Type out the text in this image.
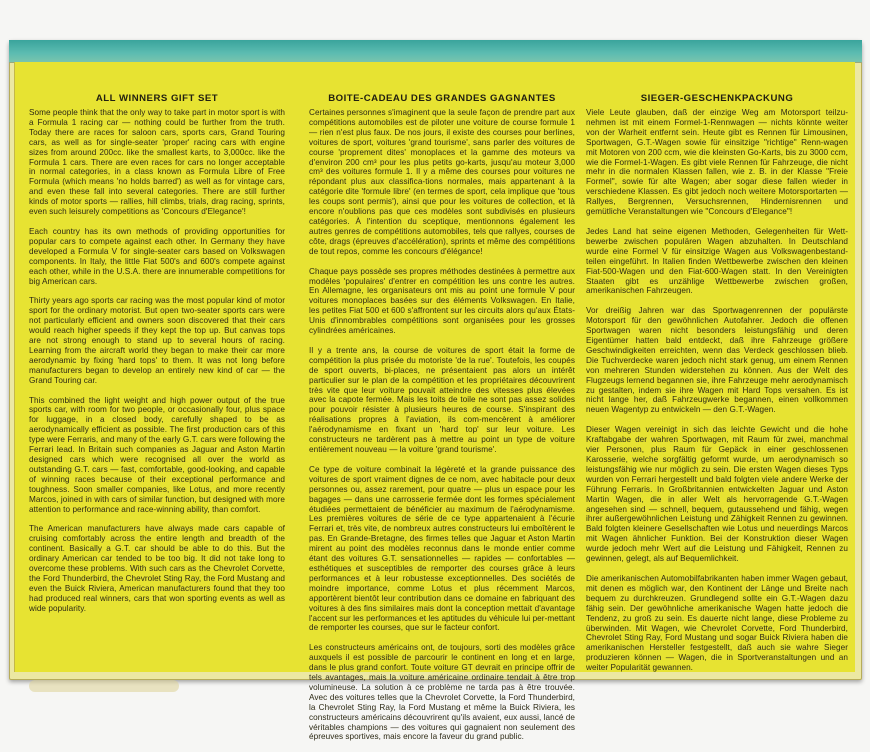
ALL WINNERS GIFT SET	BOITE-CADEAU DES GRANDES GAGNANTES	SIEGER-GESCHENKPACKUNG

Some people think that the only way to take part in motor sport is with a Formula 1 racing car — nothing could be further from the truth. Today there are races for saloon cars, sports cars, Grand Touring cars, as well as for single-seater 'proper' racing cars with engine sizes from around 200cc. like the smallest karts, to 3,000cc. like the Formula 1 cars. There are even races for cars no longer acceptable in normal categories, in a class known as Formula Libre of Free Formula (which means 'no holds barred') as well as for vintage cars, and even these fall into several categories. There are still further kinds of motor sports — rallies, hill climbs, trials, drag racing, sprints, even such leisurely competitions as 'Concours d'Elegance'!

Each country has its own methods of providing opportunities for popular cars to compete against each other. In Germany they have developed a Formula V for single-seater cars based on Volkswagen components. In Italy, the little Fiat 500's and 600's compete against each other, while in the U.S.A. there are innumerable competitions for big American cars.

Thirty years ago sports car racing was the most popular kind of motor sport for the ordinary motorist. But open two-seater sports cars were not particularly efficient and owners soon discovered that their cars would reach higher speeds if they kept the top up. But canvas tops are not strong enough to stand up to several hours of racing. Learning from the aircraft world they began to make their car more aerodynamic by fixing 'hard tops' to them. It was not long before manufacturers began to develop an entirely new kind of car — the Grand Touring car.

This combined the light weight and high power output of the true sports car, with room for two people, or occasionally four, plus space for luggage, in a closed body, carefully shaped to be as aerodynamically efficient as possible. The first production cars of this type were Ferraris, and many of the early G.T. cars were following the Ferrari lead. In Britain such companies as Jaguar and Aston Martin designed cars which were recognised all over the world as outstanding G.T. cars — fast, comfortable, good-looking, and capable of winning races because of their exceptional performance and toughness. Soon smaller companies, like Lotus, and more recently Marcos, joined in with cars of similar function, but designed with more attention to performance and race-winning ability, than comfort.

The American manufacturers have always made cars capable of cruising comfortably across the entire length and breadth of the continent. Basically a G.T. car should be able to do this. But the ordinary American car tended to be too big. It did not take long to overcome these problems. With such cars as the Chevrolet Corvette, the Ford Thunderbird, the Chevrolet Sting Ray, the Ford Mustang and even the Buick Riviera, American manufacturers found that they too had produced real winners, cars that won sporting events as well as wide popularity.

Certaines personnes s'imaginent que la seule façon de prendre part aux compétitions automobiles est de piloter une voiture de course formule 1 — rien n'est plus faux. De nos jours, il existe des courses pour berlines, voitures de sport, voitures 'grand tourisme', sans parler des voitures de course 'proprement dites' monoplaces et la gamme des moteurs va d'environ 200 cm³ pour les plus petits go-karts, jusqu'au moteur 3,000 cm³ des voitures formule 1. Il y a même des courses pour voitures ne répondant plus aux classifica-tions normales, mais appartenant à la catégorie dite 'formule libre' (en termes de sport, cela implique que 'tous les coups sont permis'), ainsi que pour les voitures de collection, et là encore n'oublions pas que ces modèles sont subdivisés en plusieurs catégories. À l'intention du sceptique, mentionnons également les autres genres de compétitions automobiles, tels que rallyes, courses de côte, drags (épreuves d'accélération), sprints et même des compétitions de tout repos, comme les concours d'élégance!

Chaque pays possède ses propres méthodes destinées à permettre aux modèles 'populaires' d'entrer en compétition les uns contre les autres. En Allemagne, les organisateurs ont mis au point une formule V pour voitures monoplaces basées sur des éléments Volkswagen. En Italie, les petites Fiat 500 et 600 s'affrontent sur les circuits alors qu'aux États-Unis d'innombrables compétitions sont organisées pour les grosses cylindrées américaines.

Il y a trente ans, la course de voitures de sport était la forme de compétition la plus prisée du motoriste 'de la rue'. Toutefois, les coupés de sport ouverts, bi-places, ne présentaient pas alors un intérêt particulier sur le plan de la compétition et les propriétaires découvrirent très vite que leur voiture pouvait atteindre des vitesses plus élevées avec la capote fermée. Mais les toits de toile ne sont pas assez solides pour pouvoir résister à plusieurs heures de course. S'inspirant des réalisations propres à l'aviation, ils com-mencèrent à améliorer l'aérodynamisme en fixant un 'hard top' sur leur voiture. Les constructeurs ne tardèrent pas à mettre au point un type de voiture entièrement nouveau — la voiture 'grand tourisme'.

Ce type de voiture combinait la légèreté et la grande puissance des voitures de sport vraiment dignes de ce nom, avec habitacle pour deux personnes ou, assez rarement, pour quatre — plus un espace pour les bagages — dans une carrosserie fermée dont les formes spécialement étudiées permettaient de bénéficier au maximum de l'aérodynamisme. Les premières voitures de série de ce type appartenaient à l'écurie Ferrari et, très vite, de nombreux autres constructeurs lui emboîtèrent le pas. En Grande-Bretagne, des firmes telles que Jaguar et Aston Martin mirent au point des modèles reconnus dans le monde entier comme étant des voitures G.T. sensationnelles — rapides — confortables — esthétiques et susceptibles de remporter des courses grâce à leurs performances et à leur robustesse exceptionnelles. Des sociétés de moindre importance, comme Lotus et plus récemment Marcos, apportèrent bientôt leur contribution dans ce domaine en fabriquant des voitures à des fins similaires mais dont la conception mettait d'avantage l'accent sur les performances et les aptitudes du véhicule lui per-mettant de remporter les courses, que sur le facteur confort.

Les constructeurs américains ont, de toujours, sorti des modèles grâce auxquels il est possible de parcourir le continent en long et en large, dans le plus grand confort. Toute voiture GT devrait en principe offrir de tels avantages, mais la voiture américaine ordinaire tendait à être trop volumineuse. La solution à ce problème ne tarda pas à être trouvée. Avec des voitures telles que la Chevrolet Corvette, la Ford Thunderbird, la Chevrolet Sting Ray, la Ford Mustang et même la Buick Riviera, les constructeurs américains découvrirent qu'ils avaient, eux aussi, lancé de véritables champions — des voitures qui gagnaient non seulement des épreuves sportives, mais encore la faveur du grand public.

Viele Leute glauben, daß der einzige Weg am Motorsport teilzu-nehmen ist mit einem Formel-1-Rennwagen — nichts könnte weiter von der Warheit entfernt sein. Heute gibt es Rennen für Limousinen, Sportwagen, G.T.-Wagen sowie für einsitzige "richtige" Renn-wagen mit Motoren von 200 ccm, wie die kleinsten Go-Karts, bis zu 3000 ccm, wie die Formel-1-Wagen. Es gibt viele Rennen für Fahrzeuge, die nicht mehr in die normalen Klassen fallen, wie z. B. in der Klasse "Freie Formel", sowie für alte Wagen; aber sogar diese fallen wieder in verschiedene Klassen. Es gibt jedoch noch weitere Motorsportarten — Rallyes, Bergrennen, Versuchsrennen, Hindernisrennen und gemütliche Veranstaltungen wie "Concours d'Elegance"!

Jedes Land hat seine eigenen Methoden, Gelegenheiten für Wett-bewerbe zwischen populären Wagen abzuhalten. In Deutschland wurde eine Formel V für einsitzige Wagen aus Volkswagenbestand-teilen eingeführt. In Italien finden Wettbewerbe zwischen den kleinen Fiat-500-Wagen und den Fiat-600-Wagen statt. In den Vereinigten Staaten gibt es unzählige Wettbewerbe zwischen großen, amerikanischen Fahrzeugen.

Vor dreißig Jahren war das Sportwagenrennen der populärste Motorsport für den gewöhnlichen Autofahrer. Jedoch die offenen Sportwagen waren nicht besonders leistungsfähig und deren Eigentümer hatten bald entdeckt, daß ihre Fahrzeuge größere Geschwindigkeiten erreichten, wenn das Verdeck geschlossen blieb. Die Tuchverdecke waren jedoch nicht stark genug, um einem Rennen von mehreren Stunden widerstehen zu können. Aus der Welt des Flugzeugs lernend begannen sie, ihre Fahrzeuge mehr aerodynamisch zu gestalten, indem sie ihre Wagen mit Hard Tops versahen. Es ist nicht lange her, daß Fahrzeugwerke begannen, einen vollkommen neuen Wagentyp zu entwickeln — den G.T.-Wagen.

Dieser Wagen vereinigt in sich das leichte Gewicht und die hohe Kraftabgabe der wahren Sportwagen, mit Raum für zwei, manchmal vier Personen, plus Raum für Gepäck in einer geschlossenen Karosserie, welche sorgfältig geformt wurde, um aerodynamisch so leistungsfähig wie nur möglich zu sein. Die ersten Wagen dieses Typs wurden von Ferrari hergestellt und bald folgten viele andere Werke der Führung Ferraris. In Großbritannien entwickelten Jaguar und Aston Martin Wagen, die in aller Welt als hervorragende G.T.-Wagen angesehen sind — schnell, bequem, gutaussehend und fähig, wegen ihrer außergewöhnlichen Leistung und Zähigkeit Rennen zu gewinnen. Bald folgten kleinere Gesellschaften wie Lotus und neuerdings Marcos mit Wagen ähnlicher Funktion. Bei der Konstruktion dieser Wagen wurde jedoch mehr Wert auf die Leistung und Fähigkeit, Rennen zu gewinnen, gelegt, als auf Bequemlichkeit.

Die amerikanischen Automobilfabrikanten haben immer Wagen gebaut, mit denen es möglich war, den Kontinent der Länge und Breite nach bequem zu durchkreuzen. Grundlegend sollte ein G.T.-Wagen dazu fähig sein. Der gewöhnliche amerikanische Wagen hatte jedoch die Tendenz, zu groß zu sein. Es dauerte nicht lange, diese Probleme zu überwinden. Mit Wagen, wie Chevrolet Corvette, Ford Thunderbird, Chevrolet Sting Ray, Ford Mustang und sogar Buick Riviera haben die amerikanischen Hersteller festgestellt, daß auch sie wahre Sieger produzieren können — Wagen, die in Sportveranstaltungen und an weiter Popularität gewannen.
